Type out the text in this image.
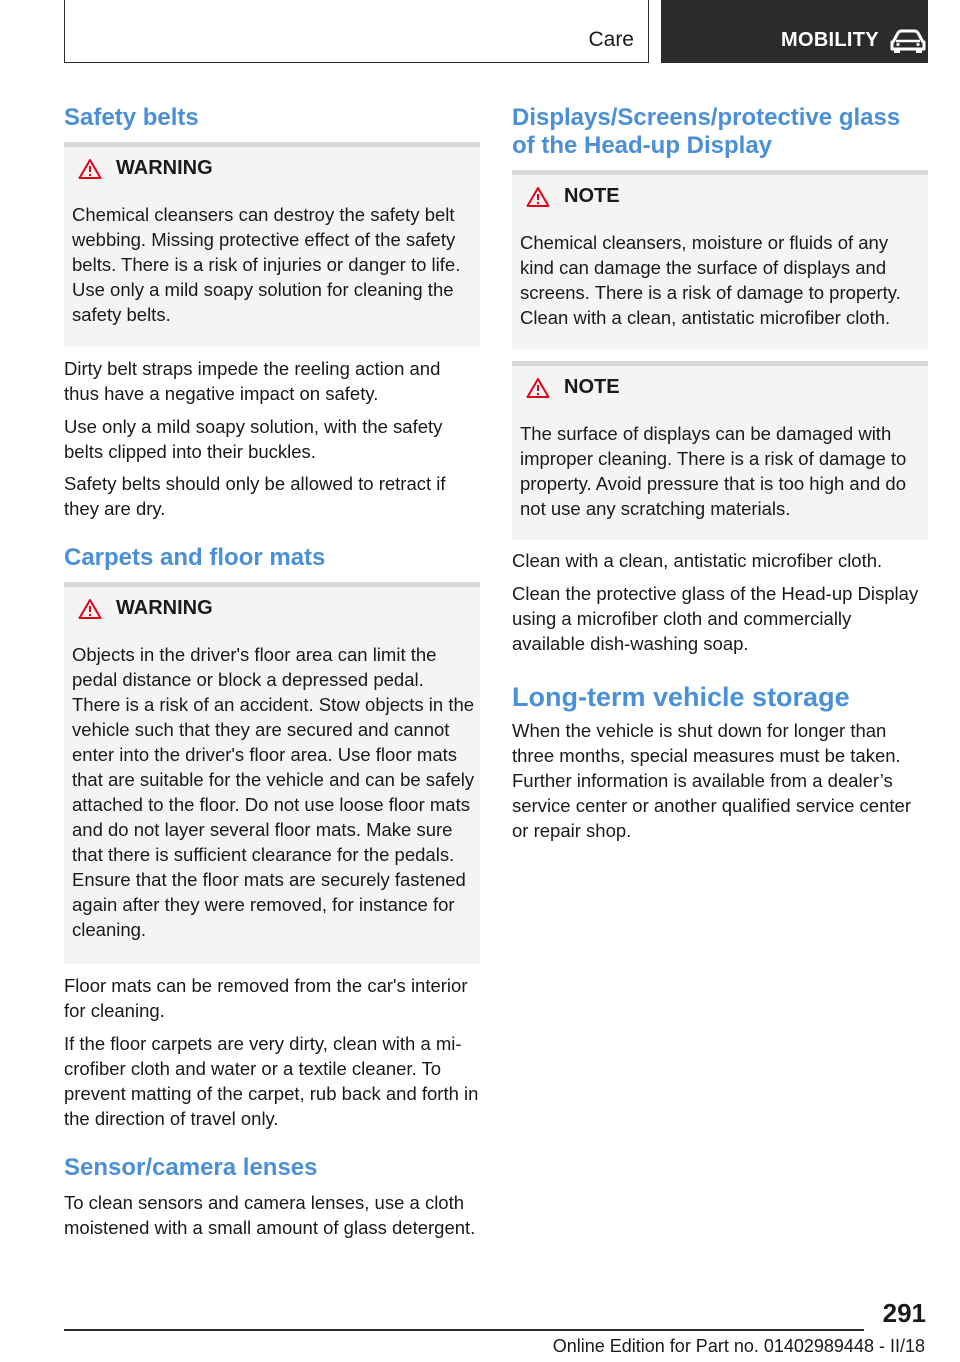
Care	MOBILITY
Safety belts
WARNING

Chemical cleansers can destroy the safety belt webbing. Missing protective effect of the safety belts. There is a risk of injuries or danger to life. Use only a mild soapy solution for cleaning the safety belts.

Dirty belt straps impede the reeling action and thus have a negative impact on safety.

Use only a mild soapy solution, with the safety belts clipped into their buckles.

Safety belts should only be allowed to retract if they are dry.

Carpets and floor mats
WARNING

Objects in the driver's floor area can limit the pedal distance or block a depressed pedal. There is a risk of an accident. Stow objects in the vehicle such that they are secured and cannot enter into the driver's floor area. Use floor mats that are suitable for the vehicle and can be safely attached to the floor. Do not use loose floor mats and do not layer several floor mats. Make sure that there is sufficient clearance for the pedals. Ensure that the floor mats are securely fastened again after they were removed, for instance for cleaning.

Floor mats can be removed from the car's interior for cleaning.

If the floor carpets are very dirty, clean with a microfiber cloth and water or a textile cleaner. To prevent matting of the carpet, rub back and forth in the direction of travel only.

Sensor/camera lenses

To clean sensors and camera lenses, use a cloth moistened with a small amount of glass detergent.

Displays/Screens/protective glass of the Head-up Display
NOTE

Chemical cleansers, moisture or fluids of any kind can damage the surface of displays and screens. There is a risk of damage to property. Clean with a clean, antistatic microfiber cloth.

NOTE

The surface of displays can be damaged with improper cleaning. There is a risk of damage to property. Avoid pressure that is too high and do not use any scratching materials.

Clean with a clean, antistatic microfiber cloth.

Clean the protective glass of the Head-up Display using a microfiber cloth and commercially available dish-washing soap.

Long-term vehicle storage

When the vehicle is shut down for longer than three months, special measures must be taken. Further information is available from a dealer’s service center or another qualified service center or repair shop.

291
Online Edition for Part no. 01402989448 - II/18
